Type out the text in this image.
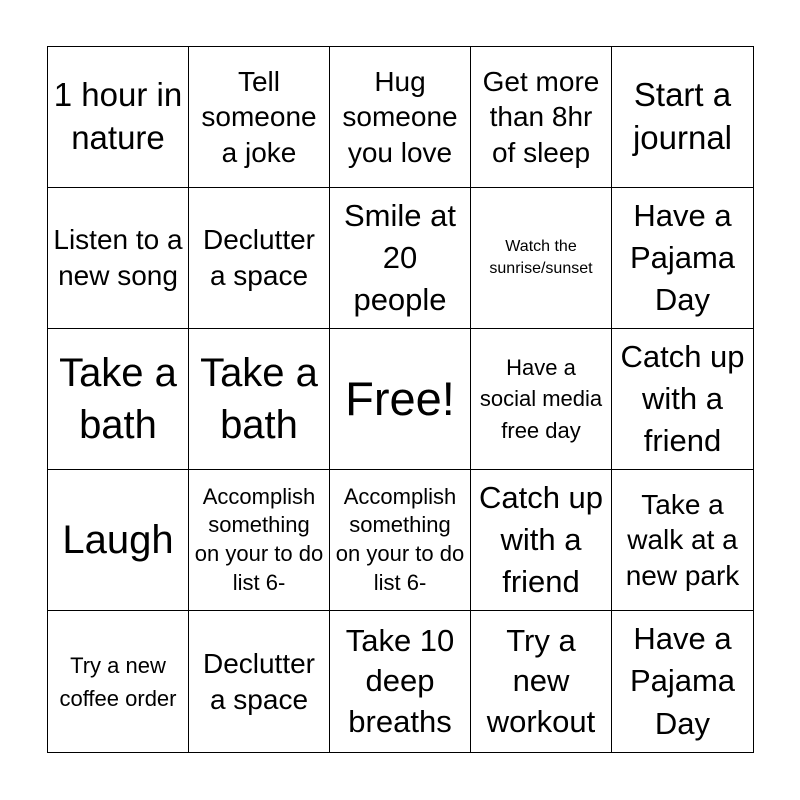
1 hour in nature
Tell someone a joke
Hug someone you love
Get more than 8hr of sleep
Start a journal
Listen to a new song
Declutter a space
Smile at 20 people
Watch the sunrise/sunset
Have a Pajama Day
Take a bath
Take a bath
Free!
Have a social media free day
Catch up with a friend
Laugh
Accomplish something on your to do list 6-
Accomplish something on your to do list 6-
Catch up with a friend
Take a walk at a new park
Try a new coffee order
Declutter a space
Take 10 deep breaths
Try a new workout
Have a Pajama Day
